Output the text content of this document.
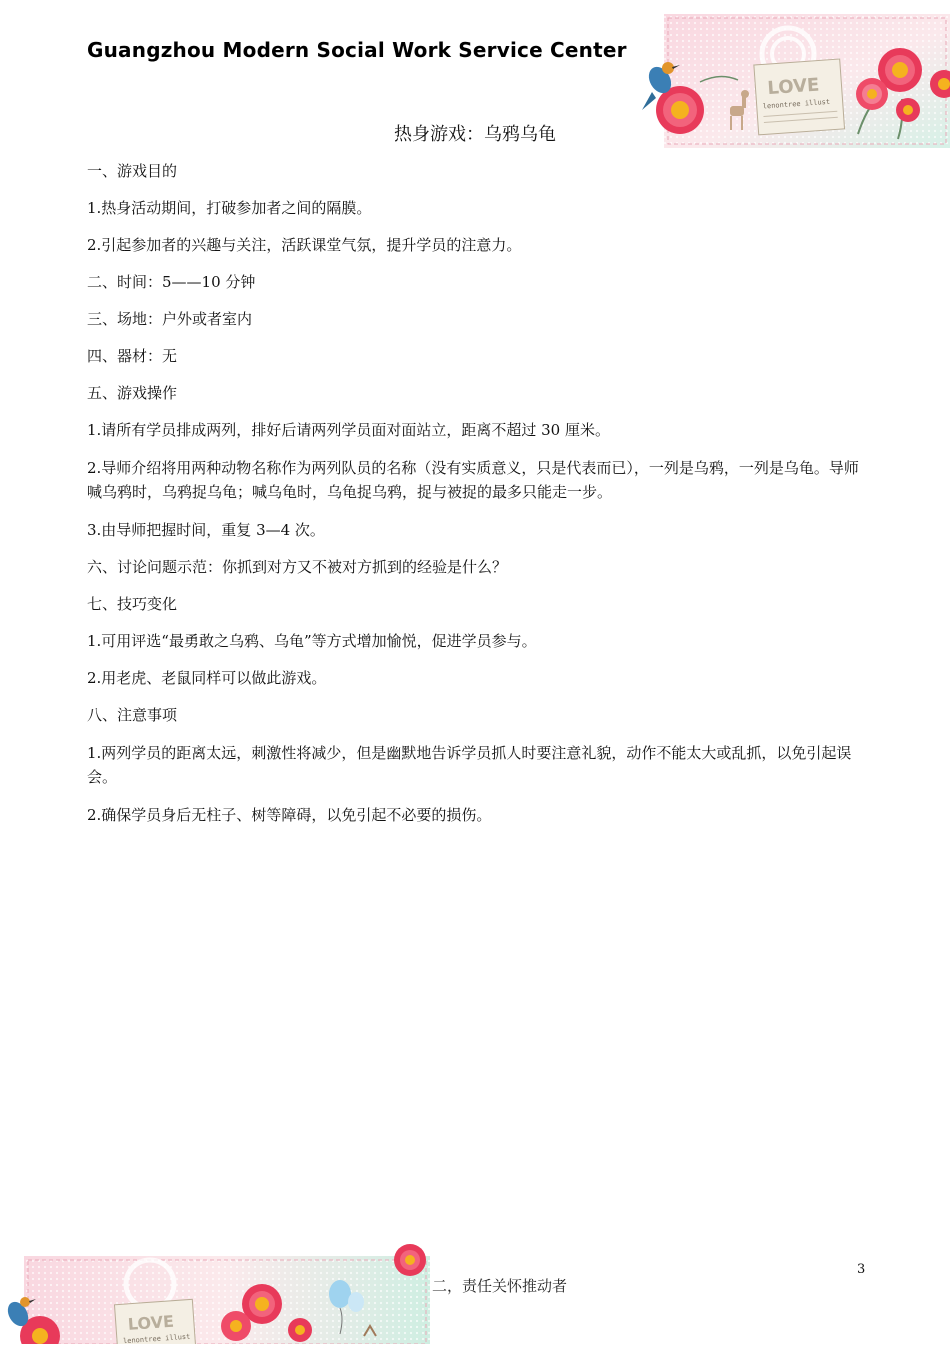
LOVE
lenontree illust
Guangzhou Modern Social Work Service Center
热身游戏：乌鸦乌龟

一、游戏目的

1.热身活动期间，打破参加者之间的隔膜。

2.引起参加者的兴趣与关注，活跃课堂气氛，提升学员的注意力。

二、时间：5——10 分钟

三、场地：户外或者室内

四、器材：无

五、游戏操作

1.请所有学员排成两列，排好后请两列学员面对面站立，距离不超过 30 厘米。

2.导师介绍将用两种动物名称作为两列队员的名称（没有实质意义，只是代表而已），一列是乌鸦，一列是乌龟。导师喊乌鸦时，乌鸦捉乌龟；喊乌龟时，乌龟捉乌鸦，捉与被捉的最多只能走一步。

3.由导师把握时间，重复 3—4 次。

六、讨论问题示范：你抓到对方又不被对方抓到的经验是什么？

七、技巧变化

1.可用评选“最勇敢之乌鸦、乌龟”等方式增加愉悦，促进学员参与。

2.用老虎、老鼠同样可以做此游戏。

八、注意事项

1.两列学员的距离太远，刺激性将减少，但是幽默地告诉学员抓人时要注意礼貌，动作不能太大或乱抓，以免引起误会。

2.确保学员身后无柱子、树等障碍，以免引起不必要的损伤。

LOVE
lenontree illust
3
二，责任关怀推动者
